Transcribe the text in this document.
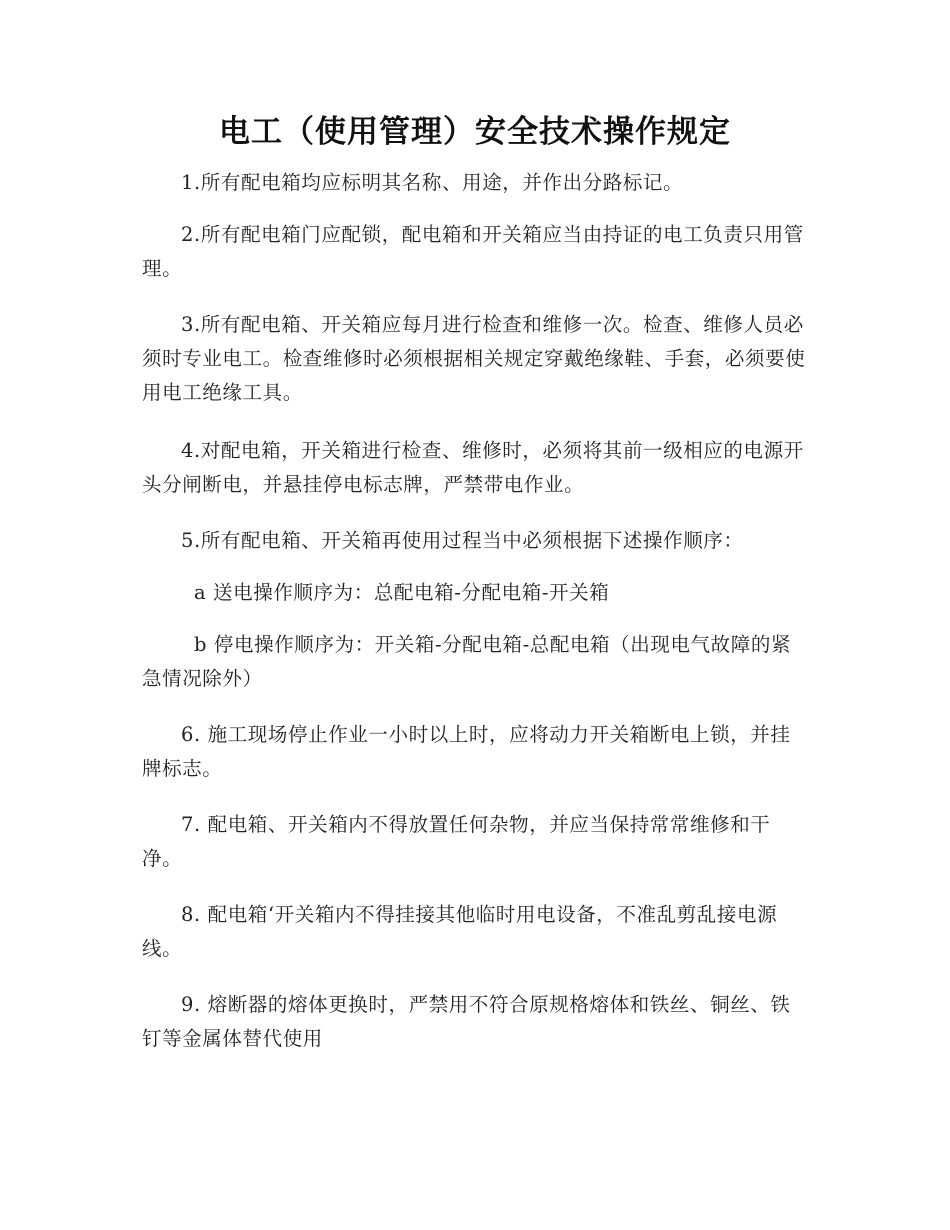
电工（使用管理）安全技术操作规定

1.所有配电箱均应标明其名称、用途，并作出分路标记。

2.所有配电箱门应配锁，配电箱和开关箱应当由持证的电工负责只用管理。

3.所有配电箱、开关箱应每月进行检查和维修一次。检查、维修人员必须时专业电工。检查维修时必须根据相关规定穿戴绝缘鞋、手套，必须要使用电工绝缘工具。

4.对配电箱，开关箱进行检查、维修时，必须将其前一级相应的电源开头分闸断电，并悬挂停电标志牌，严禁带电作业。

5.所有配电箱、开关箱再使用过程当中必须根据下述操作顺序：

a 送电操作顺序为：总配电箱-分配电箱-开关箱

b 停电操作顺序为：开关箱-分配电箱-总配电箱（出现电气故障的紧急情况除外）

6. 施工现场停止作业一小时以上时，应将动力开关箱断电上锁，并挂牌标志。

7. 配电箱、开关箱内不得放置任何杂物，并应当保持常常维修和干净。

8. 配电箱‘开关箱内不得挂接其他临时用电设备，不准乱剪乱接电源线。

9. 熔断器的熔体更换时，严禁用不符合原规格熔体和铁丝、铜丝、铁钉等金属体替代使用
